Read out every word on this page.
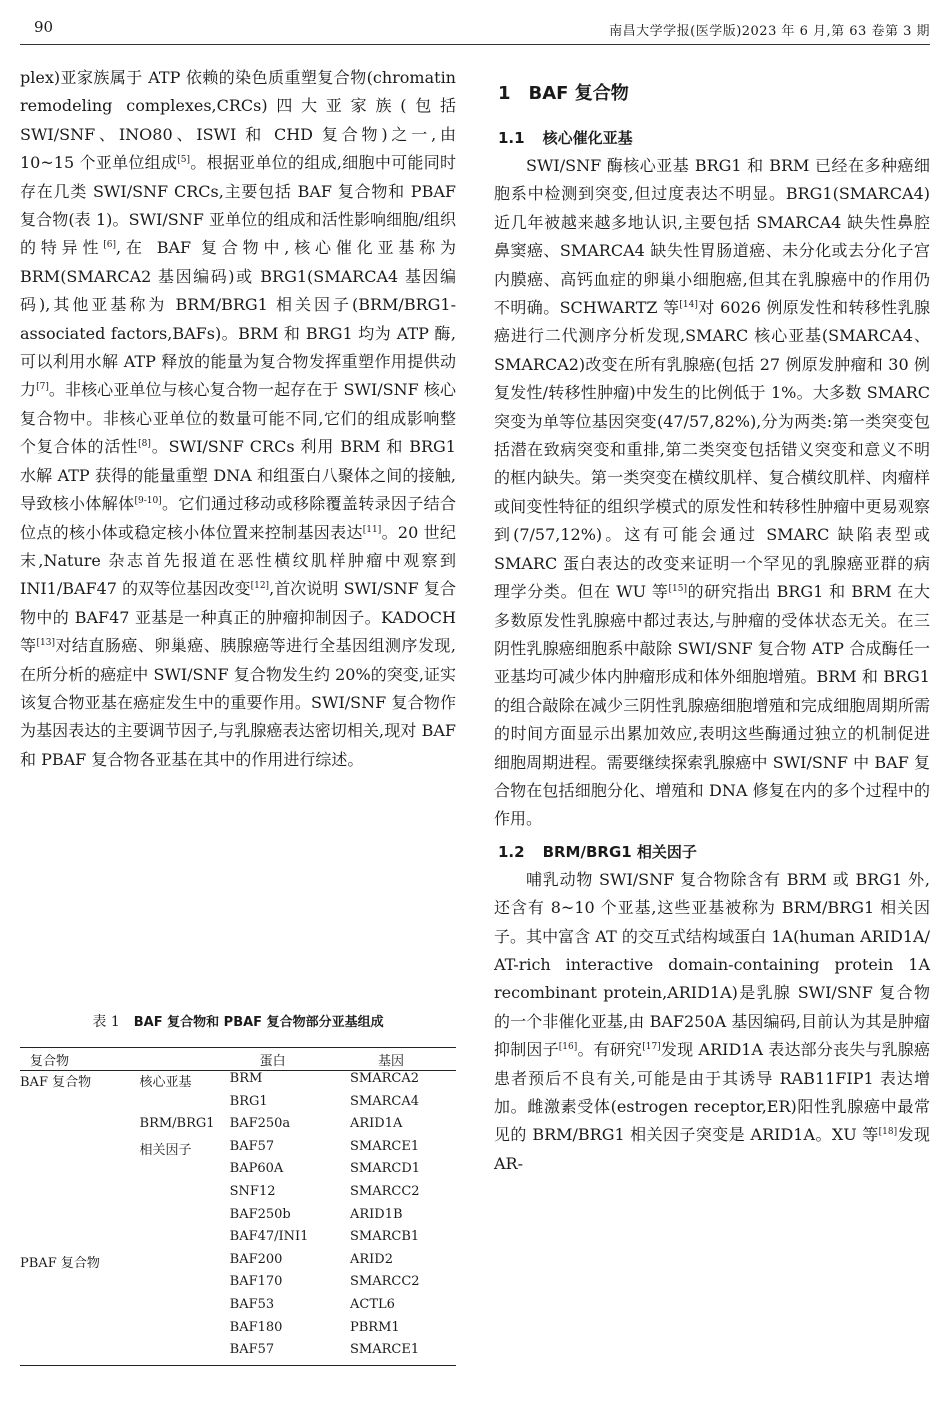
90	南昌大学学报(医学版)2023 年 6 月,第 63 卷第 3 期

plex)亚家族属于 ATP 依赖的染色质重塑复合物(chromatin remodeling complexes,CRCs)四大亚家族(包括 SWI/SNF、INO80、ISWI 和 CHD 复合物)之一,由 10~15 个亚单位组成[5]。根据亚单位的组成,细胞中可能同时存在几类 SWI/SNF CRCs,主要包括 BAF 复合物和 PBAF 复合物(表 1)。SWI/SNF 亚单位的组成和活性影响细胞/组织的特异性[6],在 BAF 复合物中,核心催化亚基称为 BRM(SMARCA2 基因编码)或 BRG1(SMARCA4 基因编码),其他亚基称为 BRM/BRG1 相关因子(BRM/BRG1-associated factors,BAFs)。BRM 和 BRG1 均为 ATP 酶,可以利用水解 ATP 释放的能量为复合物发挥重塑作用提供动力[7]。非核心亚单位与核心复合物一起存在于 SWI/SNF 核心复合物中。非核心亚单位的数量可能不同,它们的组成影响整个复合体的活性[8]。SWI/SNF CRCs 利用 BRM 和 BRG1 水解 ATP 获得的能量重塑 DNA 和组蛋白八聚体之间的接触,导致核小体解体[9-10]。它们通过移动或移除覆盖转录因子结合位点的核小体或稳定核小体位置来控制基因表达[11]。20 世纪末,Nature 杂志首先报道在恶性横纹肌样肿瘤中观察到 INI1/BAF47 的双等位基因改变[12],首次说明 SWI/SNF 复合物中的 BAF47 亚基是一种真正的肿瘤抑制因子。KADOCH 等[13]对结直肠癌、卵巢癌、胰腺癌等进行全基因组测序发现,在所分析的癌症中 SWI/SNF 复合物发生约 20%的突变,证实该复合物亚基在癌症发生中的重要作用。SWI/SNF 复合物作为基因表达的主要调节因子,与乳腺癌表达密切相关,现对 BAF 和 PBAF 复合物各亚基在其中的作用进行综述。

表 1 BAF 复合物和 PBAF 复合物部分亚基组成
复合物		蛋白	基因
BAF 复合物	核心亚基	BRM	SMARCA2
		BRG1	SMARCA4
	BRM/BRG1	BAF250a	ARID1A
	相关因子	BAF57	SMARCE1
		BAP60A	SMARCD1
		SNF12	SMARCC2
		BAF250b	ARID1B
		BAF47/INI1	SMARCB1
PBAF 复合物		BAF200	ARID2
		BAF170	SMARCC2
		BAF53	ACTL6
		BAF180	PBRM1
		BAF57	SMARCE1
1 BAF 复合物
1.1 核心催化亚基

SWI/SNF 酶核心亚基 BRG1 和 BRM 已经在多种癌细胞系中检测到突变,但过度表达不明显。BRG1(SMARCA4)近几年被越来越多地认识,主要包括 SMARCA4 缺失性鼻腔鼻窦癌、SMARCA4 缺失性胃肠道癌、未分化或去分化子宫内膜癌、高钙血症的卵巢小细胞癌,但其在乳腺癌中的作用仍不明确。SCHWARTZ 等[14]对 6026 例原发性和转移性乳腺癌进行二代测序分析发现,SMARC 核心亚基(SMARCA4、SMARCA2)改变在所有乳腺癌(包括 27 例原发肿瘤和 30 例复发性/转移性肿瘤)中发生的比例低于 1%。大多数 SMARC 突变为单等位基因突变(47/57,82%),分为两类:第一类突变包括潜在致病突变和重排,第二类突变包括错义突变和意义不明的框内缺失。第一类突变在横纹肌样、复合横纹肌样、肉瘤样或间变性特征的组织学模式的原发性和转移性肿瘤中更易观察到(7/57,12%)。这有可能会通过 SMARC 缺陷表型或 SMARC 蛋白表达的改变来证明一个罕见的乳腺癌亚群的病理学分类。但在 WU 等[15]的研究指出 BRG1 和 BRM 在大多数原发性乳腺癌中都过表达,与肿瘤的受体状态无关。在三阴性乳腺癌细胞系中敲除 SWI/SNF 复合物 ATP 合成酶任一亚基均可减少体内肿瘤形成和体外细胞增殖。BRM 和 BRG1 的组合敲除在减少三阴性乳腺癌细胞增殖和完成细胞周期所需的时间方面显示出累加效应,表明这些酶通过独立的机制促进细胞周期进程。需要继续探索乳腺癌中 SWI/SNF 中 BAF 复合物在包括细胞分化、增殖和 DNA 修复在内的多个过程中的作用。

1.2 BRM/BRG1 相关因子

哺乳动物 SWI/SNF 复合物除含有 BRM 或 BRG1 外,还含有 8~10 个亚基,这些亚基被称为 BRM/BRG1 相关因子。其中富含 AT 的交互式结构域蛋白 1A(human ARID1A/ AT-rich interactive domain-containing protein 1A recombinant protein,ARID1A)是乳腺 SWI/SNF 复合物的一个非催化亚基,由 BAF250A 基因编码,目前认为其是肿瘤抑制因子[16]。有研究[17]发现 ARID1A 表达部分丧失与乳腺癌患者预后不良有关,可能是由于其诱导 RAB11FIP1 表达增加。雌激素受体(estrogen receptor,ER)阳性乳腺癌中最常见的 BRM/BRG1 相关因子突变是 ARID1A。XU 等[18]发现 AR-
